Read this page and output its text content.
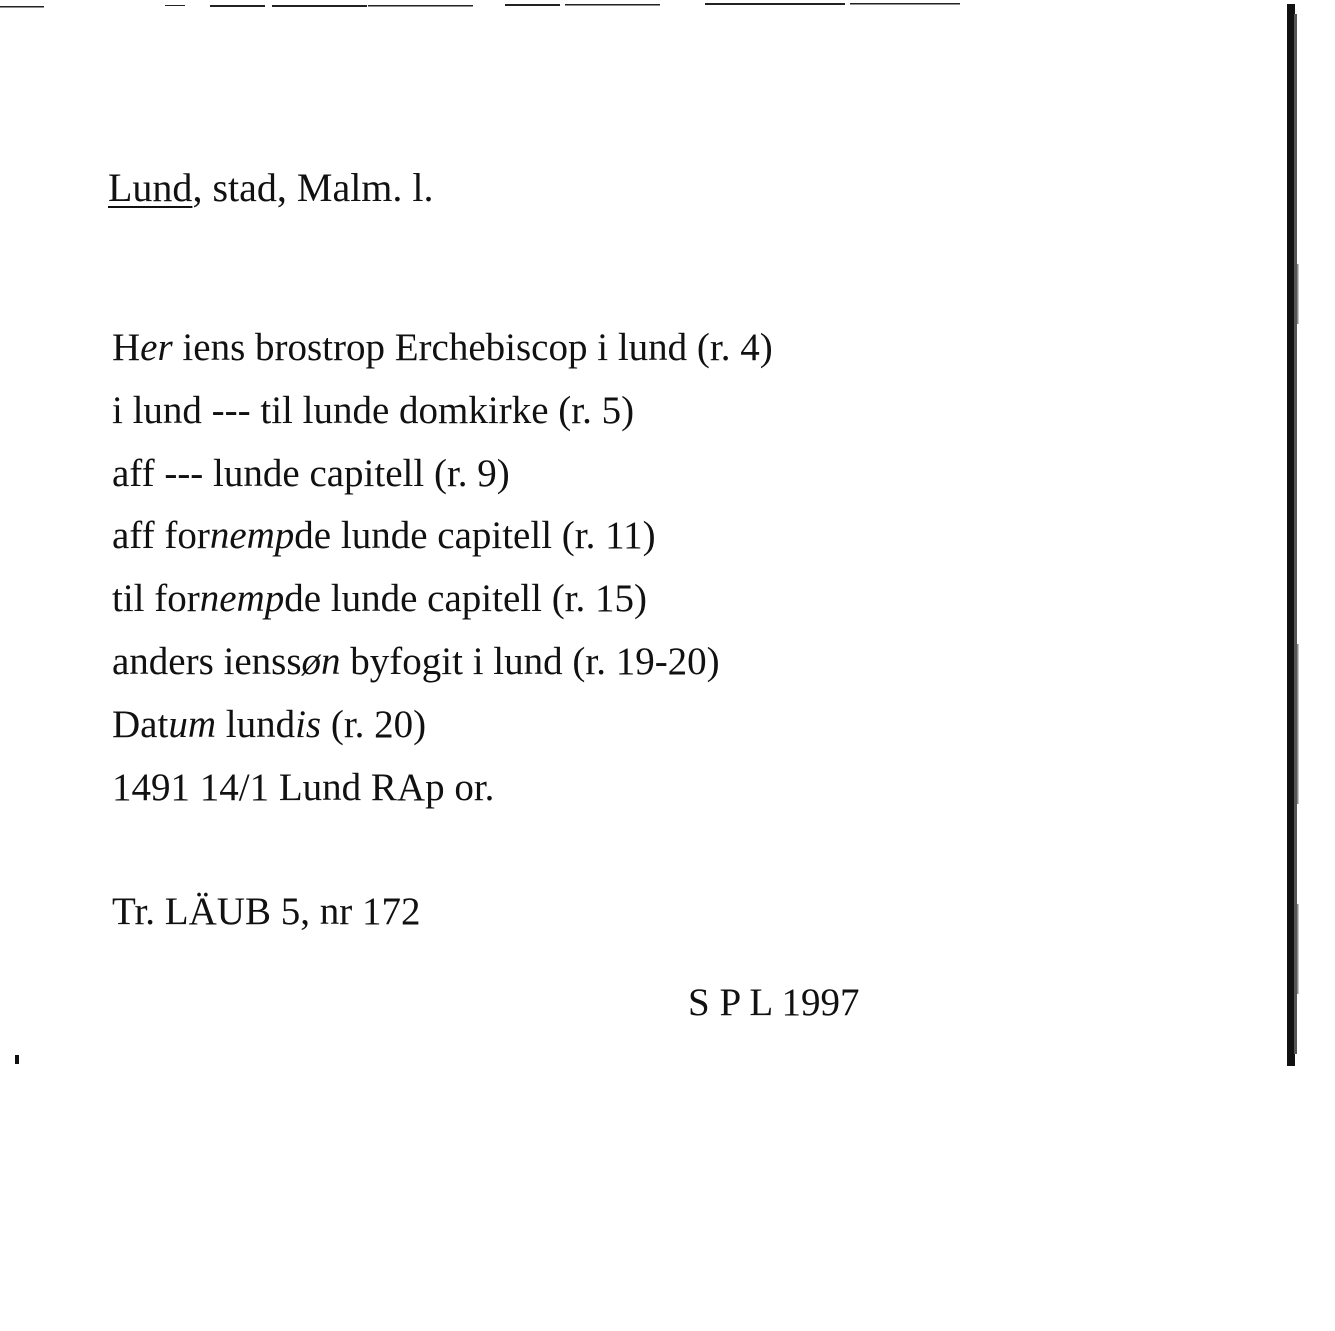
Lund, stad, Malm. l.
Her iens brostrop Erchebiscop i lund (r. 4)
i lund --- til lunde domkirke (r. 5)
aff --- lunde capitell (r. 9)
aff fornempde lunde capitell (r. 11)
til fornempde lunde capitell (r. 15)
anders ienssøn byfogit i lund (r. 19-20)
Datum lundis (r. 20)
1491 14/1 Lund RAp or.
Tr. LÄUB 5, nr 172
S P L 1997
